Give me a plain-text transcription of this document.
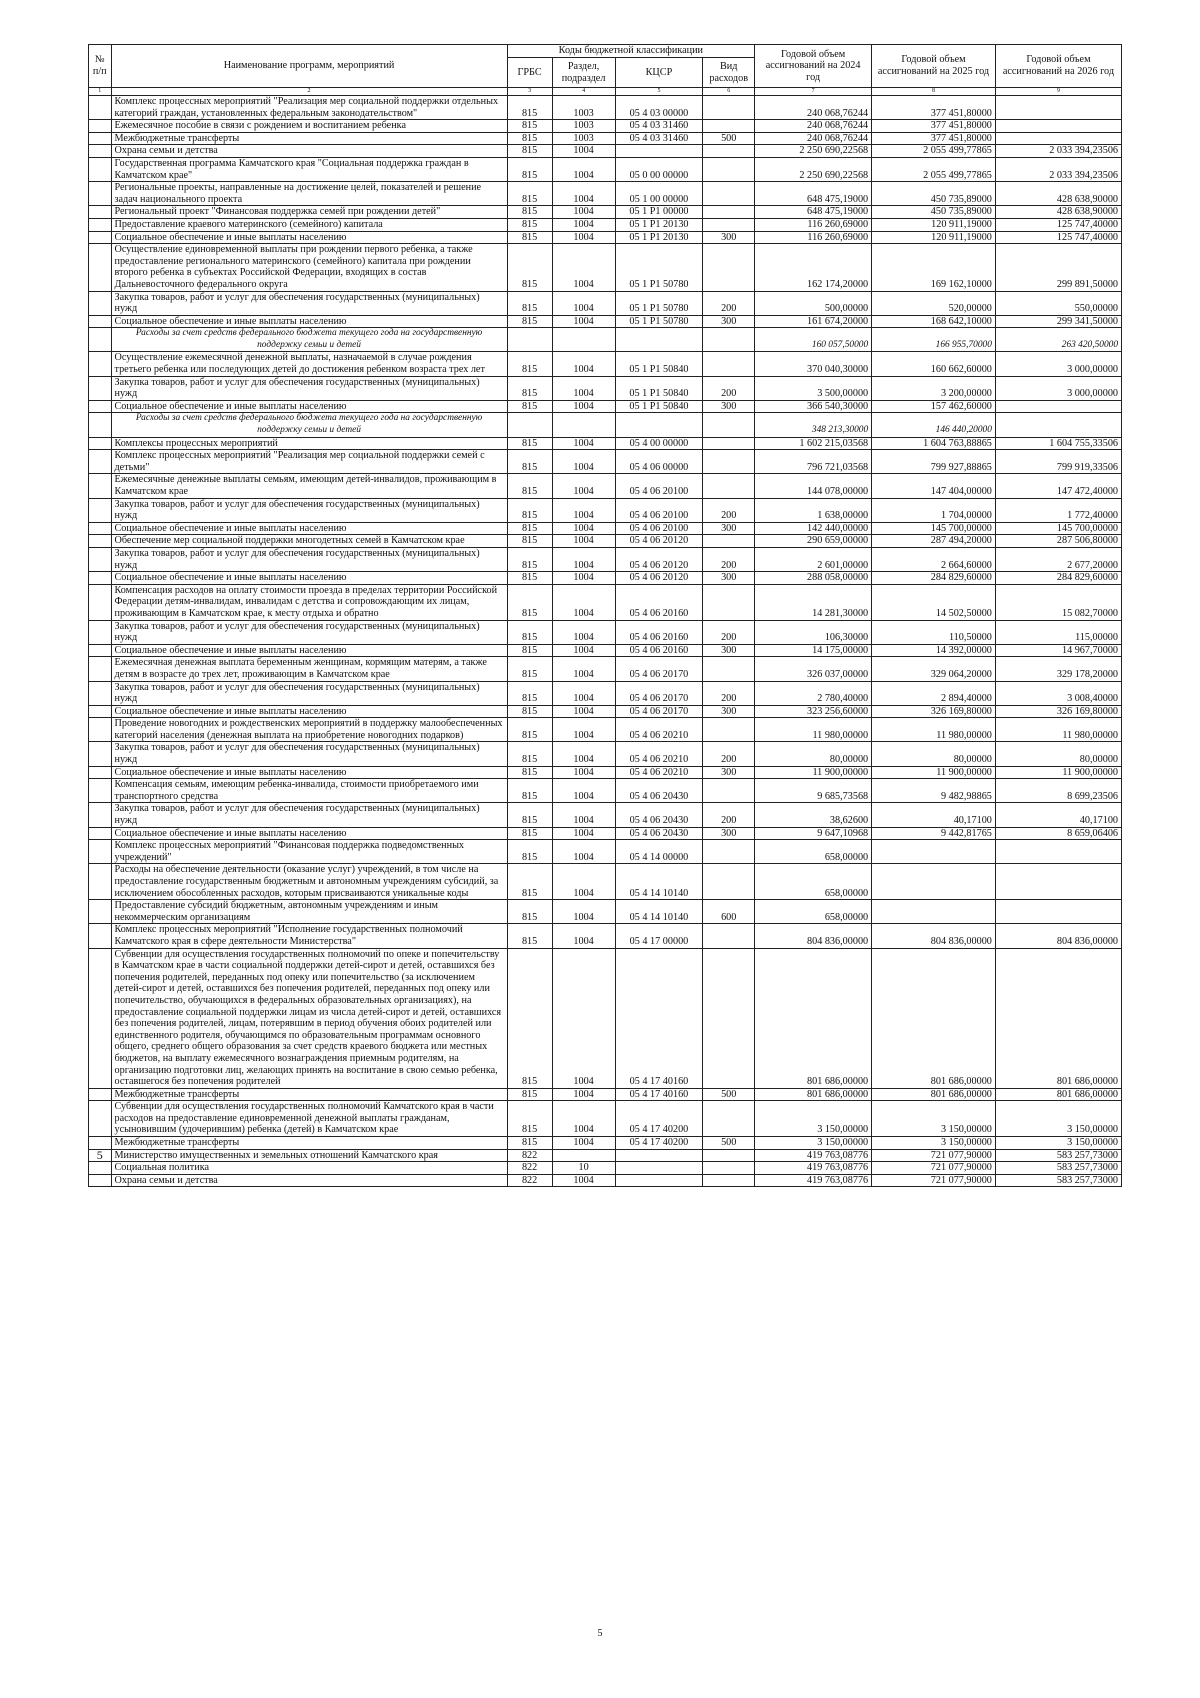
№ п/п	Наименование программ, мероприятий	Коды бюджетной классификации				Годовой объем ассигнований на 2024 год	Годовой объем ассигнований на 2025 год	Годовой объем ассигнований на 2026 год
		ГРБС	Раздел, подраздел	КЦСР	Вид расходов			
1	2	3	4	5	6	7	8	9
	Комплекс процессных мероприятий "Реализация мер социальной поддержки отдельных категорий граждан, установленных федеральным законодательством"	815	1003	05 4 03 00000		240 068,76244	377 451,80000	
	Ежемесячное пособие в связи с рождением и воспитанием ребенка	815	1003	05 4 03 31460		240 068,76244	377 451,80000	
	Межбюджетные трансферты	815	1003	05 4 03 31460	500	240 068,76244	377 451,80000	
	Охрана семьи и детства	815	1004			2 250 690,22568	2 055 499,77865	2 033 394,23506
	Государственная программа Камчатского края "Социальная поддержка граждан в Камчатском крае"	815	1004	05 0 00 00000		2 250 690,22568	2 055 499,77865	2 033 394,23506
	Региональные проекты, направленные на достижение целей, показателей и решение задач национального проекта	815	1004	05 1 00 00000		648 475,19000	450 735,89000	428 638,90000
	Региональный проект "Финансовая поддержка семей при рождении детей"	815	1004	05 1 P1 00000		648 475,19000	450 735,89000	428 638,90000
	Предоставление краевого материнского (семейного) капитала	815	1004	05 1 P1 20130		116 260,69000	120 911,19000	125 747,40000
	Социальное обеспечение и иные выплаты населению	815	1004	05 1 P1 20130	300	116 260,69000	120 911,19000	125 747,40000
	Осуществление единовременной выплаты при рождении первого ребенка, а также предоставление регионального материнского (семейного) капитала при рождении второго ребенка в субъектах Российской Федерации, входящих в состав Дальневосточного федерального округа	815	1004	05 1 P1 50780		162 174,20000	169 162,10000	299 891,50000
	Закупка товаров, работ и услуг для обеспечения государственных (муниципальных) нужд	815	1004	05 1 P1 50780	200	500,00000	520,00000	550,00000
	Социальное обеспечение и иные выплаты населению	815	1004	05 1 P1 50780	300	161 674,20000	168 642,10000	299 341,50000
	Расходы за счет средств федерального бюджета текущего года на государственную поддержку семьи и детей					160 057,50000	166 955,70000	263 420,50000
	Осуществление ежемесячной денежной выплаты, назначаемой в случае рождения третьего ребенка или последующих детей до достижения ребенком возраста трех лет	815	1004	05 1 P1 50840		370 040,30000	160 662,60000	3 000,00000
	Закупка товаров, работ и услуг для обеспечения государственных (муниципальных) нужд	815	1004	05 1 P1 50840	200	3 500,00000	3 200,00000	3 000,00000
	Социальное обеспечение и иные выплаты населению	815	1004	05 1 P1 50840	300	366 540,30000	157 462,60000	
	Расходы за счет средств федерального бюджета текущего года на государственную поддержку семьи и детей					348 213,30000	146 440,20000	
	Комплексы процессных мероприятий	815	1004	05 4 00 00000		1 602 215,03568	1 604 763,88865	1 604 755,33506
	Комплекс процессных мероприятий "Реализация мер социальной поддержки семей с детьми"	815	1004	05 4 06 00000		796 721,03568	799 927,88865	799 919,33506
	Ежемесячные денежные выплаты семьям, имеющим детей-инвалидов, проживающим в Камчатском крае	815	1004	05 4 06 20100		144 078,00000	147 404,00000	147 472,40000
	Закупка товаров, работ и услуг для обеспечения государственных (муниципальных) нужд	815	1004	05 4 06 20100	200	1 638,00000	1 704,00000	1 772,40000
	Социальное обеспечение и иные выплаты населению	815	1004	05 4 06 20100	300	142 440,00000	145 700,00000	145 700,00000
	Обеспечение мер социальной поддержки многодетных семей в Камчатском крае	815	1004	05 4 06 20120		290 659,00000	287 494,20000	287 506,80000
	Закупка товаров, работ и услуг для обеспечения государственных (муниципальных) нужд	815	1004	05 4 06 20120	200	2 601,00000	2 664,60000	2 677,20000
	Социальное обеспечение и иные выплаты населению	815	1004	05 4 06 20120	300	288 058,00000	284 829,60000	284 829,60000
	Компенсация расходов на оплату стоимости проезда в пределах территории Российской Федерации детям-инвалидам, инвалидам с детства и сопровождающим их лицам, проживающим в Камчатском крае, к месту отдыха и обратно	815	1004	05 4 06 20160		14 281,30000	14 502,50000	15 082,70000
	Закупка товаров, работ и услуг для обеспечения государственных (муниципальных) нужд	815	1004	05 4 06 20160	200	106,30000	110,50000	115,00000
	Социальное обеспечение и иные выплаты населению	815	1004	05 4 06 20160	300	14 175,00000	14 392,00000	14 967,70000
	Ежемесячная денежная выплата беременным женщинам, кормящим матерям, а также детям в возрасте до трех лет, проживающим в Камчатском крае	815	1004	05 4 06 20170		326 037,00000	329 064,20000	329 178,20000
	Закупка товаров, работ и услуг для обеспечения государственных (муниципальных) нужд	815	1004	05 4 06 20170	200	2 780,40000	2 894,40000	3 008,40000
	Социальное обеспечение и иные выплаты населению	815	1004	05 4 06 20170	300	323 256,60000	326 169,80000	326 169,80000
	Проведение новогодних и рождественских мероприятий в поддержку малообеспеченных категорий населения (денежная выплата на приобретение новогодних подарков)	815	1004	05 4 06 20210		11 980,00000	11 980,00000	11 980,00000
	Закупка товаров, работ и услуг для обеспечения государственных (муниципальных) нужд	815	1004	05 4 06 20210	200	80,00000	80,00000	80,00000
	Социальное обеспечение и иные выплаты населению	815	1004	05 4 06 20210	300	11 900,00000	11 900,00000	11 900,00000
	Компенсация семьям, имеющим ребенка-инвалида, стоимости приобретаемого ими транспортного средства	815	1004	05 4 06 20430		9 685,73568	9 482,98865	8 699,23506
	Закупка товаров, работ и услуг для обеспечения государственных (муниципальных) нужд	815	1004	05 4 06 20430	200	38,62600	40,17100	40,17100
	Социальное обеспечение и иные выплаты населению	815	1004	05 4 06 20430	300	9 647,10968	9 442,81765	8 659,06406
	Комплекс процессных мероприятий "Финансовая поддержка подведомственных учреждений"	815	1004	05 4 14 00000		658,00000		
	Расходы на обеспечение деятельности (оказание услуг) учреждений, в том числе на предоставление государственным бюджетным и автономным учреждениям субсидий, за исключением обособленных расходов, которым присваиваются уникальные коды	815	1004	05 4 14 10140		658,00000		
	Предоставление субсидий бюджетным, автономным учреждениям и иным некоммерческим организациям	815	1004	05 4 14 10140	600	658,00000		
	Комплекс процессных мероприятий "Исполнение государственных полномочий Камчатского края в сфере деятельности Министерства"	815	1004	05 4 17 00000		804 836,00000	804 836,00000	804 836,00000
	Субвенции для осуществления государственных полномочий по опеке и попечительству в Камчатском крае в части социальной поддержки детей-сирот и детей, оставшихся без попечения родителей, переданных под опеку или попечительство (за исключением детей-сирот и детей, оставшихся без попечения родителей, переданных под опеку или попечительство, обучающихся в федеральных образовательных организациях), на предоставление социальной поддержки лицам из числа детей-сирот и детей, оставшихся без попечения родителей, лицам, потерявшим в период обучения обоих родителей или единственного родителя, обучающимся по образовательным программам основного общего, среднего общего образования за счет средств краевого бюджета или местных бюджетов, на выплату ежемесячного вознаграждения приемным родителям, на организацию подготовки лиц, желающих принять на воспитание в свою семью ребенка, оставшегося без попечения родителей	815	1004	05 4 17 40160		801 686,00000	801 686,00000	801 686,00000
	Межбюджетные трансферты	815	1004	05 4 17 40160	500	801 686,00000	801 686,00000	801 686,00000
	Субвенции для осуществления государственных полномочий Камчатского края в части расходов на предоставление единовременной денежной выплаты гражданам, усыновившим (удочерившим) ребенка (детей) в Камчатском крае	815	1004	05 4 17 40200		3 150,00000	3 150,00000	3 150,00000
	Межбюджетные трансферты	815	1004	05 4 17 40200	500	3 150,00000	3 150,00000	3 150,00000
5	Министерство имущественных и земельных отношений Камчатского края	822				419 763,08776	721 077,90000	583 257,73000
	Социальная политика	822	10			419 763,08776	721 077,90000	583 257,73000
	Охрана семьи и детства	822	1004			419 763,08776	721 077,90000	583 257,73000
5
